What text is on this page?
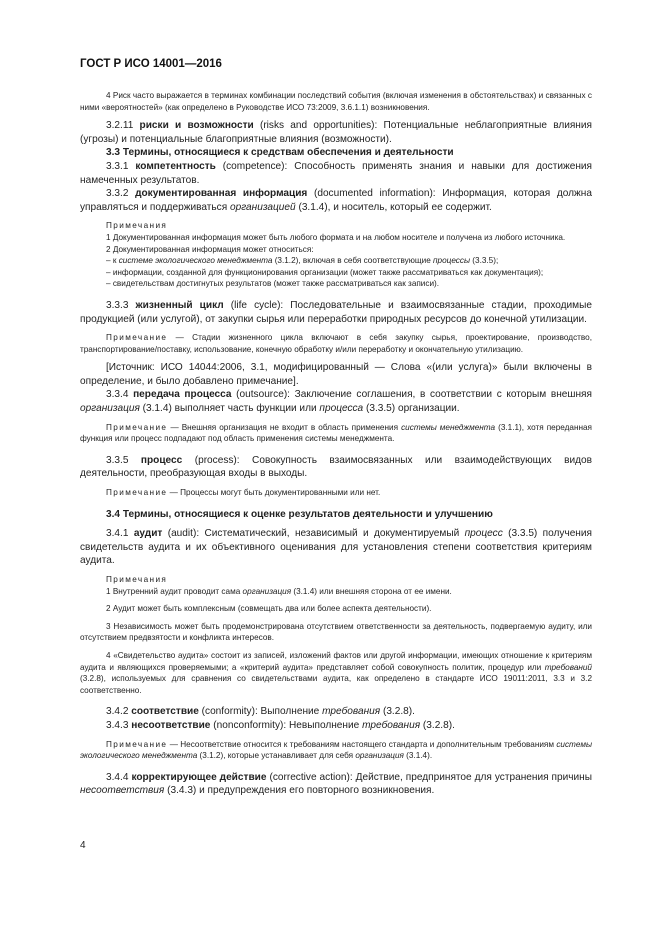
ГОСТ Р ИСО 14001—2016

4 Риск часто выражается в терминах комбинации последствий события (включая изменения в обстоятельствах) и связанных с ними «вероятностей» (как определено в Руководстве ИСО 73:2009, 3.6.1.1) возникновения.

3.2.11 риски и возможности (risks and opportunities): Потенциальные неблагоприятные влияния (угрозы) и потенциальные благоприятные влияния (возможности).

3.3 Термины, относящиеся к средствам обеспечения и деятельности

3.3.1 компетентность (competence): Способность применять знания и навыки для достижения намеченных результатов.

3.3.2 документированная информация (documented information): Информация, которая должна управляться и поддерживаться организацией (3.1.4), и носитель, который ее содержит.

Примечания

1 Документированная информация может быть любого формата и на любом носителе и получена из любого источника.

2 Документированная информация может относиться:

– к системе экологического менеджмента (3.1.2), включая в себя соответствующие процессы (3.3.5);

– информации, созданной для функционирования организации (может также рассматриваться как документация);

– свидетельствам достигнутых результатов (может также рассматриваться как записи).

3.3.3 жизненный цикл (life cycle): Последовательные и взаимосвязанные стадии, проходимые продукцией (или услугой), от закупки сырья или переработки природных ресурсов до конечной утилизации.

Примечание — Стадии жизненного цикла включают в себя закупку сырья, проектирование, производство, транспортирование/поставку, использование, конечную обработку и/или переработку и окончательную утилизацию.

[Источник: ИСО 14044:2006, 3.1, модифицированный — Слова «(или услуга)» были включены в определение, и было добавлено примечание].

3.3.4 передача процесса (outsource): Заключение соглашения, в соответствии с которым внешняя организация (3.1.4) выполняет часть функции или процесса (3.3.5) организации.

Примечание — Внешняя организация не входит в область применения системы менеджмента (3.1.1), хотя переданная функция или процесс подпадают под область применения системы менеджмента.

3.3.5 процесс (process): Совокупность взаимосвязанных или взаимодействующих видов деятельности, преобразующая входы в выходы.

Примечание — Процессы могут быть документированными или нет.

3.4 Термины, относящиеся к оценке результатов деятельности и улучшению

3.4.1 аудит (audit): Систематический, независимый и документируемый процесс (3.3.5) получения свидетельств аудита и их объективного оценивания для установления степени соответствия критериям аудита.

Примечания

1 Внутренний аудит проводит сама организация (3.1.4) или внешняя сторона от ее имени.

2 Аудит может быть комплексным (совмещать два или более аспекта деятельности).

3 Независимость может быть продемонстрирована отсутствием ответственности за деятельность, подвергаемую аудиту, или отсутствием предвзятости и конфликта интересов.

4 «Свидетельство аудита» состоит из записей, изложений фактов или другой информации, имеющих отношение к критериям аудита и являющихся проверяемыми; а «критерий аудита» представляет собой совокупность политик, процедур или требований (3.2.8), используемых для сравнения со свидетельствами аудита, как определено в стандарте ИСО 19011:2011, 3.3 и 3.2 соответственно.

3.4.2 соответствие (conformity): Выполнение требования (3.2.8).

3.4.3 несоответствие (nonconformity): Невыполнение требования (3.2.8).

Примечание — Несоответствие относится к требованиям настоящего стандарта и дополнительным требованиям системы экологического менеджмента (3.1.2), которые устанавливает для себя организация (3.1.4).

3.4.4 корректирующее действие (corrective action): Действие, предпринятое для устранения причины несоответствия (3.4.3) и предупреждения его повторного возникновения.

4
